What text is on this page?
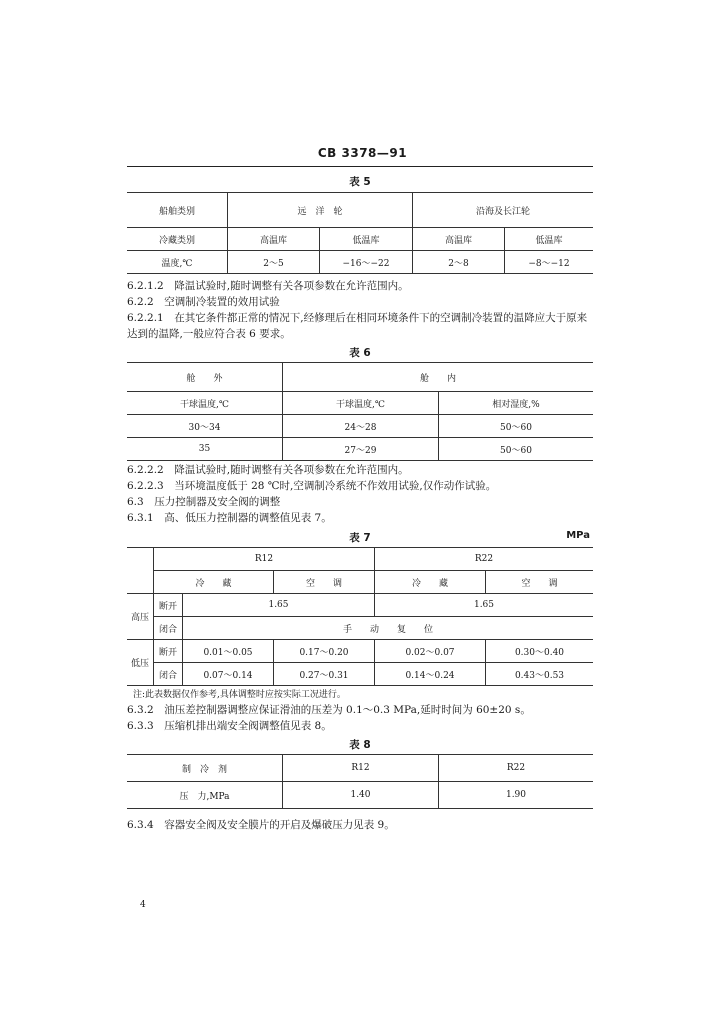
CB 3378—91
表 5
船舶类别	远　洋　轮		沿海及长江轮	
冷藏类别	高温库	低温库	高温库	低温库
温度,℃	2～5	−16～−22	2～8	−8～−12
6.2.1.2　降温试验时,随时调整有关各项参数在允许范围内。
6.2.2　空调制冷装置的效用试验
6.2.2.1　在其它条件都正常的情况下,经修理后在相同环境条件下的空调制冷装置的温降应大于原来
达到的温降,一般应符合表 6 要求。
表 6
舱　　外	舱　　内	
干球温度,℃	干球温度,℃	相对湿度,%
30～34	24～28	50～60
35	27～29	50～60
6.2.2.2　降温试验时,随时调整有关各项参数在允许范围内。
6.2.2.3　当环境温度低于 28 ℃时,空调制冷系统不作效用试验,仅作动作试验。
6.3　压力控制器及安全阀的调整
6.3.1　高、低压力控制器的调整值见表 7。
表 7	MPa
	R12			R22	
	冷　　藏		空　　调	冷　　藏	空　　调
高压	断开	1.65		1.65	
	闭合	手　　动　　复　　位			
低压	断开	0.01～0.05	0.17～0.20	0.02～0.07	0.30～0.40
	闭合	0.07～0.14	0.27～0.31	0.14～0.24	0.43～0.53
注:此表数据仅作参考,具体调整时应按实际工况进行。
6.3.2　油压差控制器调整应保证滑油的压差为 0.1～0.3 MPa,延时时间为 60±20 s。
6.3.3　压缩机排出端安全阀调整值见表 8。
表 8
制　冷　剂	R12	R22
压　力,MPa	1.40	1.90
6.3.4　容器安全阀及安全膜片的开启及爆破压力见表 9。
4
